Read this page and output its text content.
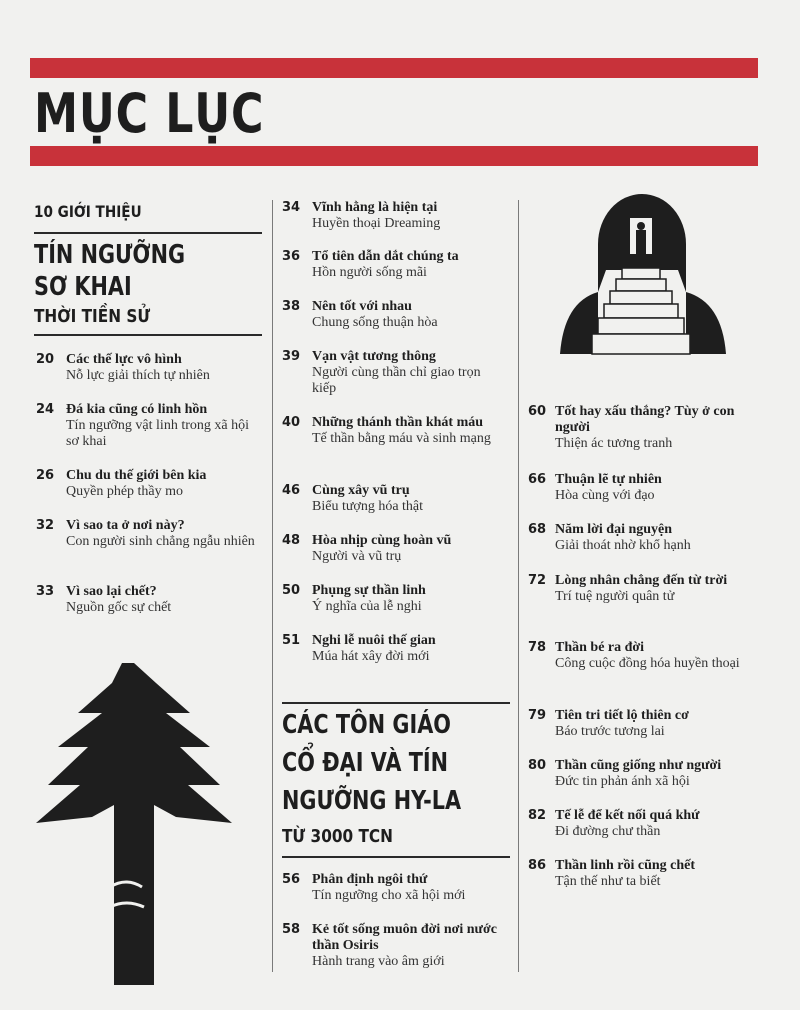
MỤC LỤC
10 GIỚI THIỆU
TÍN NGƯỠNG
SƠ KHAI
THỜI TIỀN SỬ
20 Các thế lực vô hình
Nỗ lực giải thích tự nhiên
24 Đá kia cũng có linh hồn
Tín ngưỡng vật linh trong xã hội sơ khai
26 Chu du thế giới bên kia
Quyền phép thầy mo
32 Vì sao ta ở nơi này?
Con người sinh chẳng ngẫu nhiên
33 Vì sao lại chết?
Nguồn gốc sự chết
34 Vĩnh hằng là hiện tại
Huyền thoại Dreaming
36 Tổ tiên dẫn dắt chúng ta
Hồn người sống mãi
38 Nên tốt với nhau
Chung sống thuận hòa
39 Vạn vật tương thông
Người cùng thần chỉ giao trọn kiếp
40 Những thánh thần khát máu
Tế thần bằng máu và sinh mạng
46 Cùng xây vũ trụ
Biểu tượng hóa thật
48 Hòa nhịp cùng hoàn vũ
Người và vũ trụ
50 Phụng sự thần linh
Ý nghĩa của lễ nghi
51 Nghi lễ nuôi thế gian
Múa hát xây đời mới
CÁC TÔN GIÁO
CỔ ĐẠI VÀ TÍN
NGƯỠNG HY-LA
TỪ 3000 TCN
56 Phân định ngôi thứ
Tín ngưỡng cho xã hội mới
58 Kẻ tốt sống muôn đời nơi nước thần Osiris
Hành trang vào âm giới
60 Tốt hay xấu thắng? Tùy ở con người
Thiện ác tương tranh
66 Thuận lẽ tự nhiên
Hòa cùng với đạo
68 Năm lời đại nguyện
Giải thoát nhờ khổ hạnh
72 Lòng nhân chẳng đến từ trời
Trí tuệ người quân tử
78 Thần bé ra đời
Công cuộc đồng hóa huyền thoại
79 Tiên tri tiết lộ thiên cơ
Báo trước tương lai
80 Thần cũng giống như người
Đức tin phản ánh xã hội
82 Tế lễ để kết nối quá khứ
Đi đường chư thần
86 Thần linh rồi cũng chết
Tận thế như ta biết
